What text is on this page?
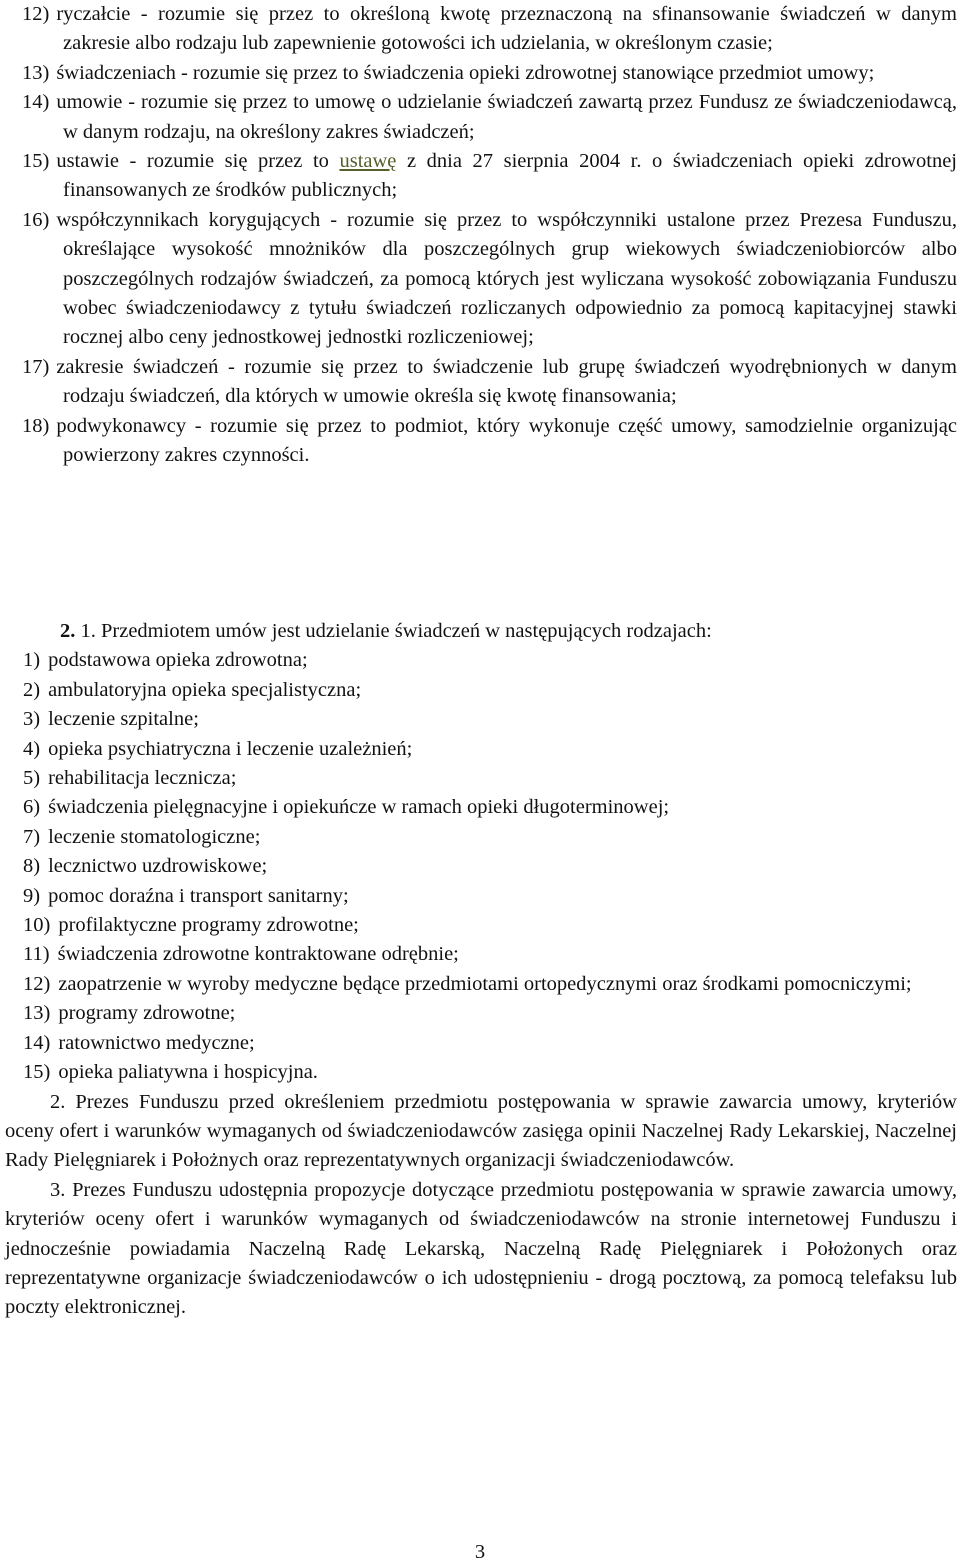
12) ryczałcie - rozumie się przez to określoną kwotę przeznaczoną na sfinansowanie świadczeń w danym zakresie albo rodzaju lub zapewnienie gotowości ich udzielania, w określonym czasie;

13) świadczeniach - rozumie się przez to świadczenia opieki zdrowotnej stanowiące przedmiot umowy;

14) umowie - rozumie się przez to umowę o udzielanie świadczeń zawartą przez Fundusz ze świadczeniodawcą, w danym rodzaju, na określony zakres świadczeń;

15) ustawie - rozumie się przez to ustawę z dnia 27 sierpnia 2004 r. o świadczeniach opieki zdrowotnej finansowanych ze środków publicznych;

16) współczynnikach korygujących - rozumie się przez to współczynniki ustalone przez Prezesa Funduszu, określające wysokość mnożników dla poszczególnych grup wiekowych świadczeniobiorców albo poszczególnych rodzajów świadczeń, za pomocą których jest wyliczana wysokość zobowiązania Funduszu wobec świadczeniodawcy z tytułu świadczeń rozliczanych odpowiednio za pomocą kapitacyjnej stawki rocznej albo ceny jednostkowej jednostki rozliczeniowej;

17) zakresie świadczeń - rozumie się przez to świadczenie lub grupę świadczeń wyodrębnionych w danym rodzaju świadczeń, dla których w umowie określa się kwotę finansowania;

18) podwykonawcy - rozumie się przez to podmiot, który wykonuje część umowy, samodzielnie organizując powierzony zakres czynności.

2. 1. Przedmiotem umów jest udzielanie świadczeń w następujących rodzajach:

1) podstawowa opieka zdrowotna;
2) ambulatoryjna opieka specjalistyczna;
3) leczenie szpitalne;
4) opieka psychiatryczna i leczenie uzależnień;
5) rehabilitacja lecznicza;
6) świadczenia pielęgnacyjne i opiekuńcze w ramach opieki długoterminowej;
7) leczenie stomatologiczne;
8) lecznictwo uzdrowiskowe;
9) pomoc doraźna i transport sanitarny;
10) profilaktyczne programy zdrowotne;
11) świadczenia zdrowotne kontraktowane odrębnie;
12) zaopatrzenie w wyroby medyczne będące przedmiotami ortopedycznymi oraz środkami pomocniczymi;
13) programy zdrowotne;
14) ratownictwo medyczne;
15) opieka paliatywna i hospicyjna.

2. Prezes Funduszu przed określeniem przedmiotu postępowania w sprawie zawarcia umowy, kryteriów oceny ofert i warunków wymaganych od świadczeniodawców zasięga opinii Naczelnej Rady Lekarskiej, Naczelnej Rady Pielęgniarek i Położnych oraz reprezentatywnych organizacji świadczeniodawców.

3. Prezes Funduszu udostępnia propozycje dotyczące przedmiotu postępowania w sprawie zawarcia umowy, kryteriów oceny ofert i warunków wymaganych od świadczeniodawców na stronie internetowej Funduszu i jednocześnie powiadamia Naczelną Radę Lekarską, Naczelną Radę Pielęgniarek i Położonych oraz reprezentatywne organizacje świadczeniodawców o ich udostępnieniu - drogą pocztową, za pomocą telefaksu lub poczty elektronicznej.

3
